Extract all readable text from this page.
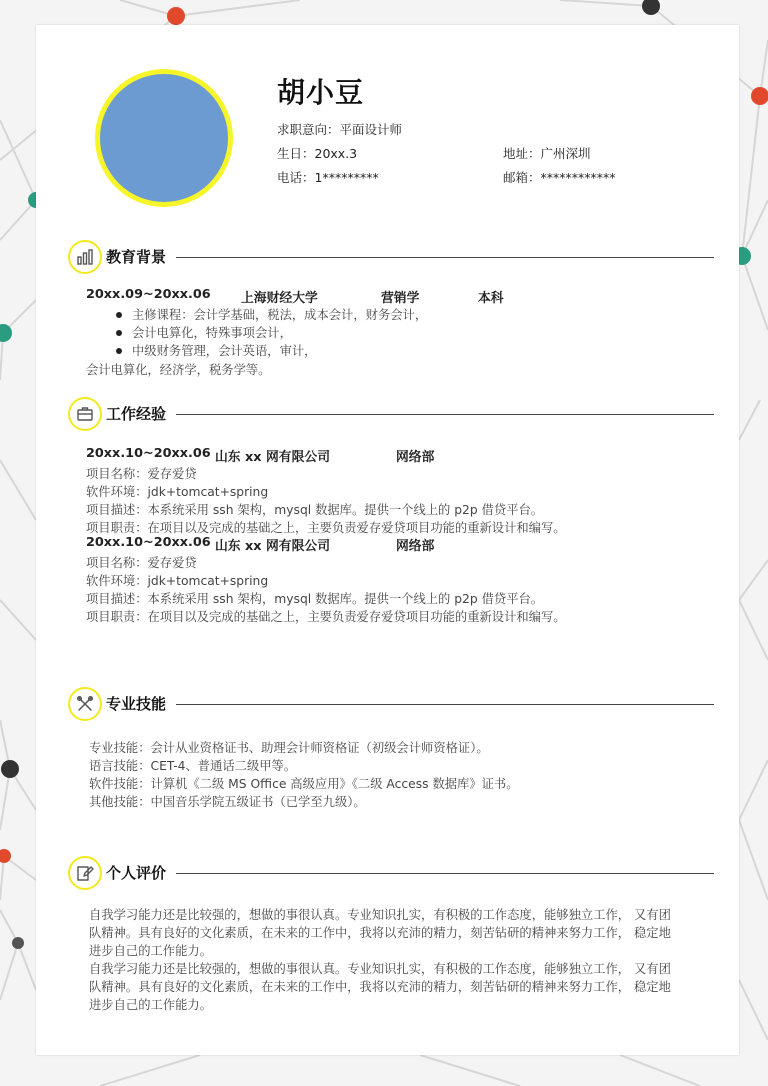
胡小豆
求职意向：平面设计师
生日：20xx.3	地址：广州深圳
电话：1*********	邮箱：************
教育背景
20xx.09~20xx.06 上海财经大学	营销学	本科
主修课程：会计学基础，税法，成本会计，财务会计，
会计电算化，特殊事项会计，
中级财务管理，会计英语，审计，
会计电算化，经济学，税务学等。
工作经验
20xx.10~20xx.06 山东 xx 网有限公司	网络部
项目名称：爱存爱贷
软件环境：jdk+tomcat+spring
项目描述：本系统采用 ssh 架构，mysql 数据库。提供一个线上的 p2p 借贷平台。
项目职责：在项目以及完成的基础之上，主要负责爱存爱贷项目功能的重新设计和编写。
20xx.10~20xx.06 山东 xx 网有限公司	网络部
项目名称：爱存爱贷
软件环境：jdk+tomcat+spring
项目描述：本系统采用 ssh 架构，mysql 数据库。提供一个线上的 p2p 借贷平台。
项目职责：在项目以及完成的基础之上，主要负责爱存爱贷项目功能的重新设计和编写。
专业技能
专业技能：会计从业资格证书、助理会计师资格证（初级会计师资格证）。
语言技能：CET-4、普通话二级甲等。
软件技能：计算机《二级 MS Office 高级应用》《二级 Access 数据库》证书。
其他技能：中国音乐学院五级证书（已学至九级）。
个人评价
自我学习能力还是比较强的，想做的事很认真。专业知识扎实，有积极的工作态度，能够独立工作， 又有团
队精神。具有良好的文化素质，在未来的工作中，我将以充沛的精力，刻苦钻研的精神来努力工作， 稳定地
进步自己的工作能力。
自我学习能力还是比较强的，想做的事很认真。专业知识扎实，有积极的工作态度，能够独立工作， 又有团
队精神。具有良好的文化素质，在未来的工作中，我将以充沛的精力，刻苦钻研的精神来努力工作， 稳定地
进步自己的工作能力。
